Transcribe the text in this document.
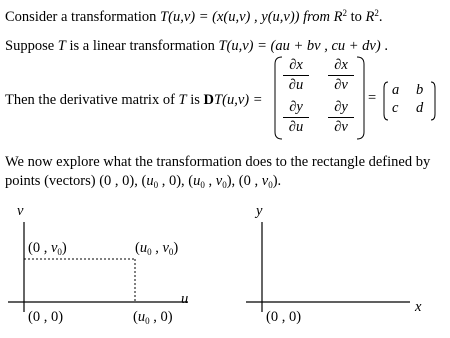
Consider a transformation T(u,v) = (x(u,v) , y(u,v)) from $R^2$ to $R^2$.
Suppose T is a linear transformation T(u,v) = (au + bv , cu + dv) .
Then the derivative matrix of T is DT(u,v) =
$\frac{\partial x}{\partial u} \frac{\partial x}{\partial v}$
$\frac{\partial y}{\partial u} \frac{\partial y}{\partial v}$
= a b
c d
We now explore what the transformation does to the rectangle defined by
points (vectors) (0 , 0), ($u_0$ , 0), ($u_0$ , $v_0$), (0 , $v_0$).
v
u
(0 , $v_0$)	($u_0$ , $v_0$)
(0 , 0)	($u_0$ , 0)
y
x
(0 , 0)
